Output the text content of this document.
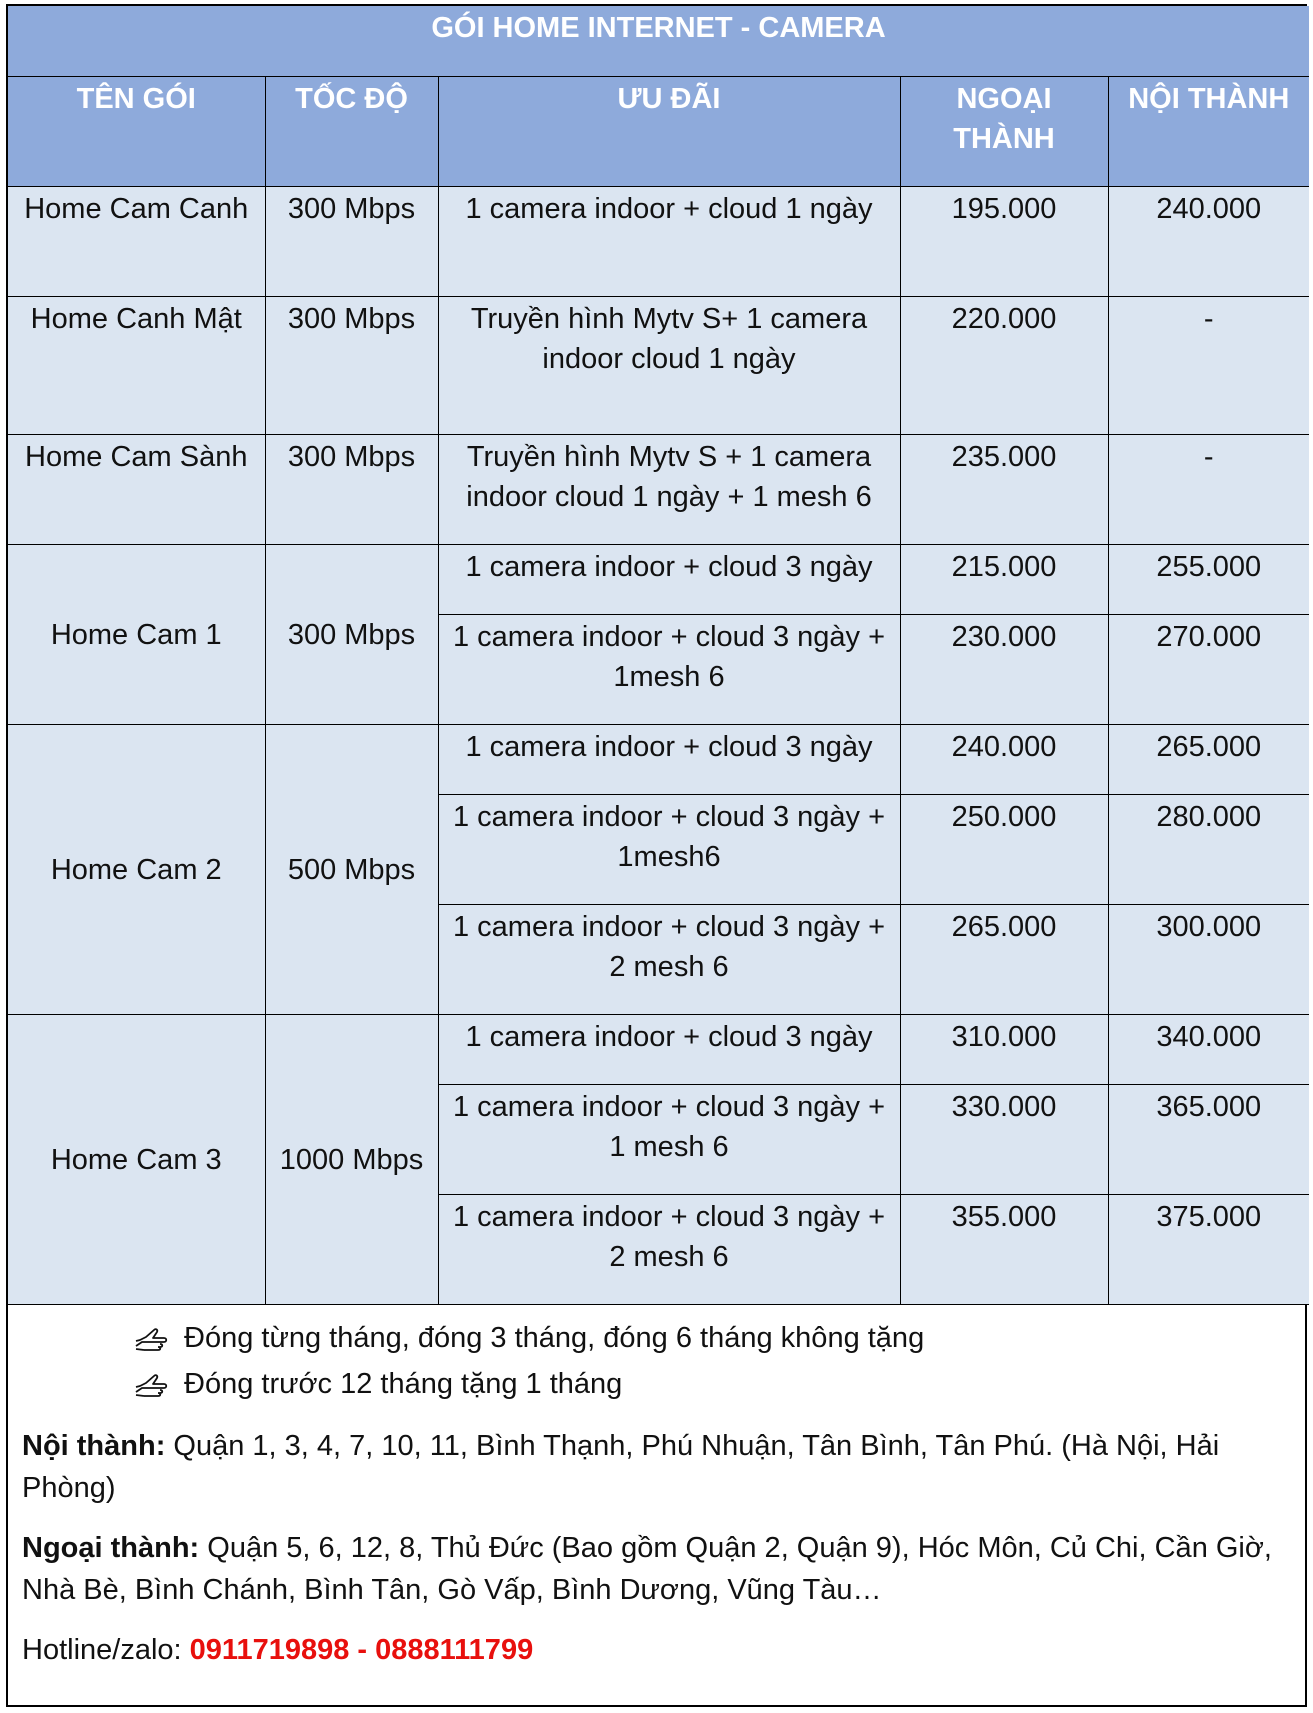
GÓI HOME INTERNET - CAMERA				
TÊN GÓI	TỐC ĐỘ	ƯU ĐÃI	NGOẠI THÀNH	NỘI THÀNH
Home Cam Canh	300 Mbps	1 camera indoor + cloud 1 ngày	195.000	240.000
Home Canh Mật	300 Mbps	Truyền hình Mytv S+ 1 camera indoor cloud 1 ngày	220.000	-
Home Cam Sành	300 Mbps	Truyền hình Mytv S + 1 camera indoor cloud 1 ngày + 1 mesh 6	235.000	-
Home Cam 1	300 Mbps	1 camera indoor + cloud 3 ngày	215.000	255.000
		1 camera indoor + cloud 3 ngày + 1mesh 6	230.000	270.000
Home Cam 2	500 Mbps	1 camera indoor + cloud 3 ngày	240.000	265.000
		1 camera indoor + cloud 3 ngày + 1mesh6	250.000	280.000
		1 camera indoor + cloud 3 ngày + 2 mesh 6	265.000	300.000
Home Cam 3	1000 Mbps	1 camera indoor + cloud 3 ngày	310.000	340.000
		1 camera indoor + cloud 3 ngày + 1 mesh 6	330.000	365.000
		1 camera indoor + cloud 3 ngày + 2 mesh 6	355.000	375.000
Đóng từng tháng, đóng 3 tháng, đóng 6 tháng không tặng
Đóng trước 12 tháng tặng 1 tháng
Nội thành: Quận 1, 3, 4, 7, 10, 11, Bình Thạnh, Phú Nhuận, Tân Bình, Tân Phú. (Hà Nội, Hải Phòng)
Ngoại thành: Quận 5, 6, 12, 8, Thủ Đức (Bao gồm Quận 2, Quận 9), Hóc Môn, Củ Chi, Cần Giờ, Nhà Bè, Bình Chánh, Bình Tân, Gò Vấp, Bình Dương, Vũng Tàu…
Hotline/zalo: 0911719898 - 0888111799
